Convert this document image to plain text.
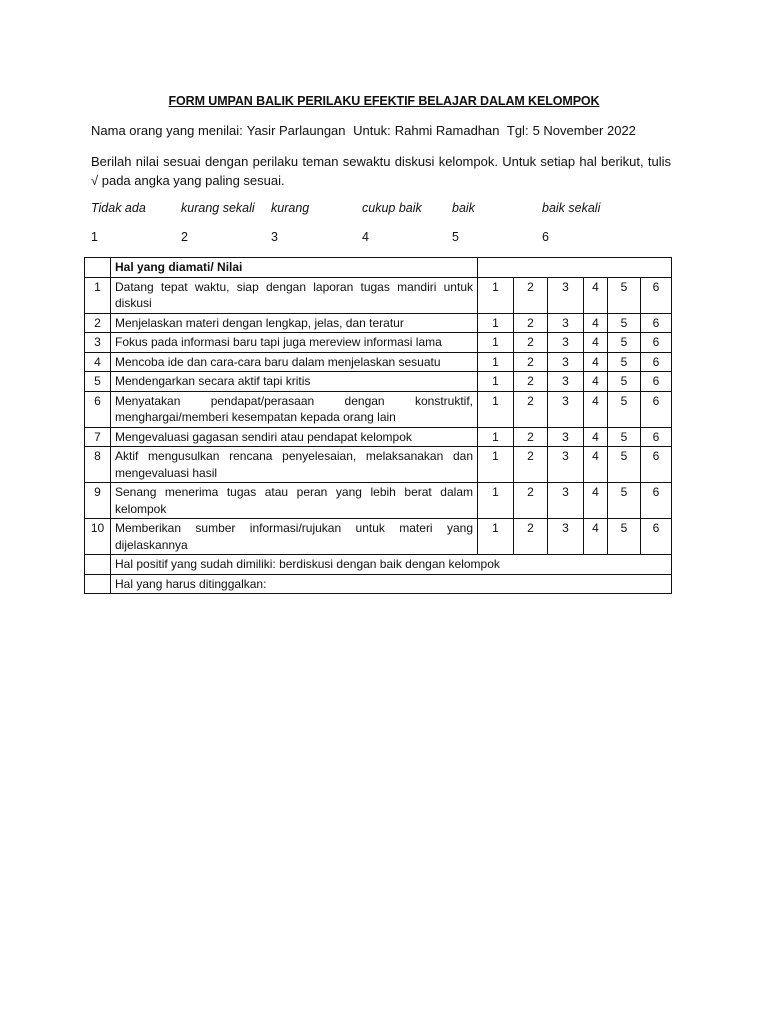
FORM UMPAN BALIK PERILAKU EFEKTIF BELAJAR DALAM KELOMPOK
Nama orang yang menilai: Yasir Parlaungan Untuk: Rahmi Ramadhan Tgl: 5 November 2022
Berilah nilai sesuai dengan perilaku teman sewaktu diskusi kelompok. Untuk setiap hal berikut, tulis √ pada angka yang paling sesuai.
Tidak ada	kurang sekali kurang	cukup baik baik	baik sekali
1	2	3	4	5	6
	Hal yang diamati/ Nilai						
1	Datang tepat waktu, siap dengan laporan tugas mandiri untuk diskusi	1	2	3	4	5	6
2	Menjelaskan materi dengan lengkap, jelas, dan teratur	1	2	3	4	5	6
3	Fokus pada informasi baru tapi juga mereview informasi lama	1	2	3	4	5	6
4	Mencoba ide dan cara-cara baru dalam menjelaskan sesuatu	1	2	3	4	5	6
5	Mendengarkan secara aktif tapi kritis	1	2	3	4	5	6
6	Menyatakan pendapat/perasaan dengan konstruktif, menghargai/memberi kesempatan kepada orang lain	1	2	3	4	5	6
7	Mengevaluasi gagasan sendiri atau pendapat kelompok	1	2	3	4	5	6
8	Aktif mengusulkan rencana penyelesaian, melaksanakan dan mengevaluasi hasil	1	2	3	4	5	6
9	Senang menerima tugas atau peran yang lebih berat dalam kelompok	1	2	3	4	5	6
10	Memberikan sumber informasi/rujukan untuk materi yang dijelaskannya	1	2	3	4	5	6
	Hal positif yang sudah dimiliki: berdiskusi dengan baik dengan kelompok						
	Hal yang harus ditinggalkan:						
